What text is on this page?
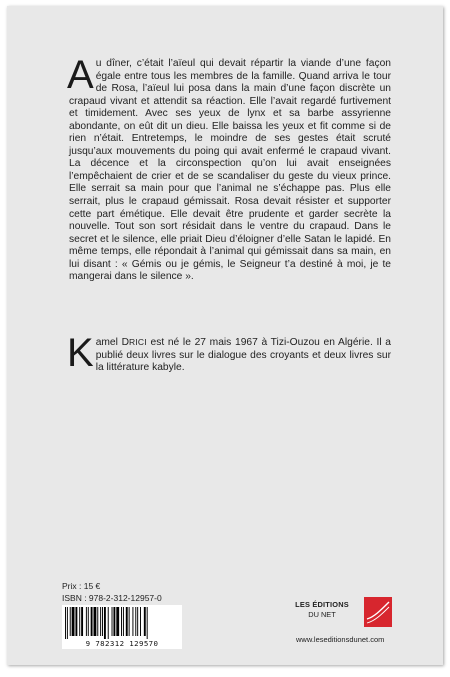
Au dîner, c’était l’aïeul qui devait répartir la viande d’une façon égale entre tous les membres de la famille. Quand arriva le tour de Rosa, l’aïeul lui posa dans la main d’une façon discrète un crapaud vivant et attendit sa réaction. Elle l’avait regardé furtivement et timidement. Avec ses yeux de lynx et sa barbe assyrienne abondante, on eût dit un dieu. Elle baissa les yeux et fit comme si de rien n’était. Entretemps, le moindre de ses gestes était scruté jusqu’aux mouvements du poing qui avait enfermé le crapaud vivant. La décence et la circonspection qu’on lui avait enseignées l’empêchaient de crier et de se scandaliser du geste du vieux prince. Elle serrait sa main pour que l’animal ne s’échappe pas. Plus elle serrait, plus le crapaud gémissait. Rosa devait résister et supporter cette part émétique. Elle devait être prudente et garder secrète la nouvelle. Tout son sort résidait dans le ventre du crapaud. Dans le secret et le silence, elle priait Dieu d’éloigner d’elle Satan le lapidé. En même temps, elle répondait à l’animal qui gémissait dans sa main, en lui disant : « Gémis ou je gémis, le Seigneur t’a destiné à moi, je te mangerai dans le silence ».

Kamel DRICI est né le 27 mais 1967 à Tizi-Ouzou en Algérie. Il a publié deux livres sur le dialogue des croyants et deux livres sur la littérature kabyle.

Prix : 15 €
ISBN : 978-2-312-12957-0
9 782312 129570
LES ÉDITIONS
DU NET
www.leseditionsdunet.com
